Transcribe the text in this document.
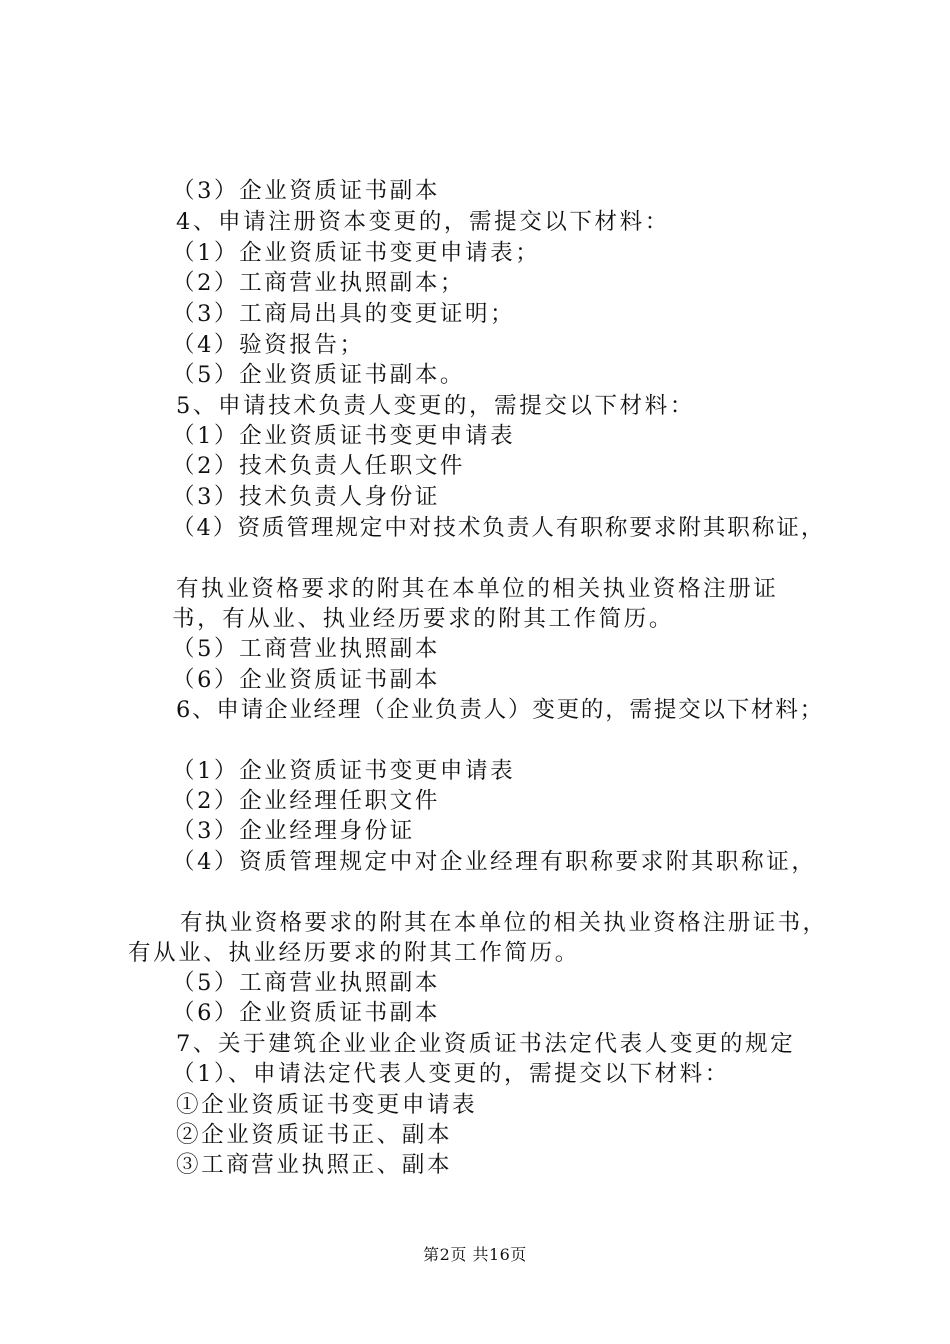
（3）企业资质证书副本
4、申请注册资本变更的，需提交以下材料：
（1）企业资质证书变更申请表；
（2）工商营业执照副本；
（3）工商局出具的变更证明；
（4）验资报告；
（5）企业资质证书副本。
5、申请技术负责人变更的，需提交以下材料：
（1）企业资质证书变更申请表
（2）技术负责人任职文件
（3）技术负责人身份证
（4）资质管理规定中对技术负责人有职称要求附其职称证，
有执业资格要求的附其在本单位的相关执业资格注册证
书，有从业、执业经历要求的附其工作简历。
（5）工商营业执照副本
（6）企业资质证书副本
6、申请企业经理（企业负责人）变更的，需提交以下材料；
（1）企业资质证书变更申请表
（2）企业经理任职文件
（3）企业经理身份证
（4）资质管理规定中对企业经理有职称要求附其职称证，
有执业资格要求的附其在本单位的相关执业资格注册证书，
有从业、执业经历要求的附其工作简历。
（5）工商营业执照副本
（6）企业资质证书副本
7、关于建筑企业业企业资质证书法定代表人变更的规定
（1）、申请法定代表人变更的，需提交以下材料：
①企业资质证书变更申请表
②企业资质证书正、副本
③工商营业执照正、副本
第2页 共16页
